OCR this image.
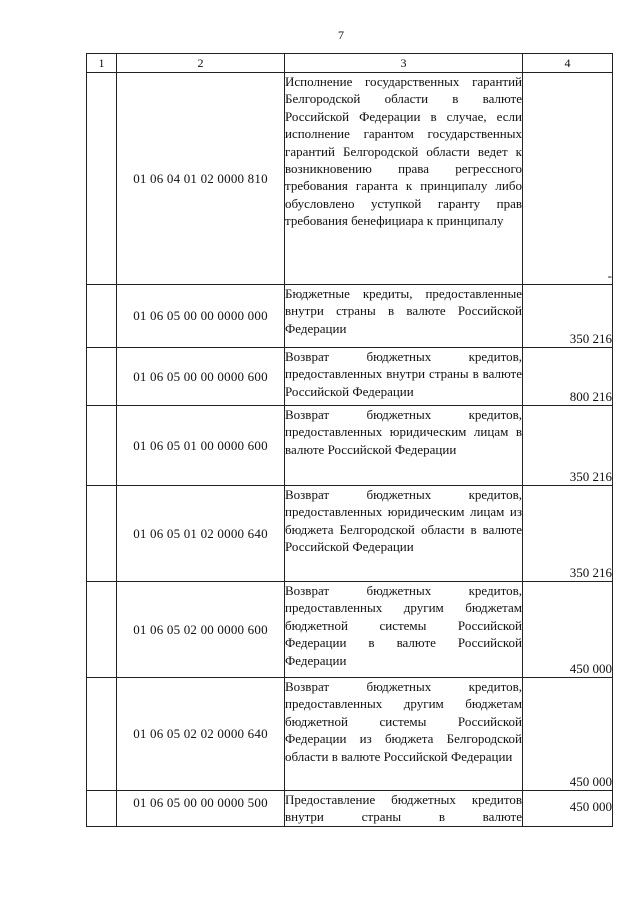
7
1	2	3	4
	01 06 04 01 02 0000 810	Исполнение государственных гарантий Белгородской области в валюте Российской Федерации в случае, если исполнение гарантом государственных гарантий Белгородской области ведет к возникновению права регрессного требования гаранта к принципалу либо обусловлено уступкой гаранту прав требования бенефициара к принципалу	-
	01 06 05 00 00 0000 000	Бюджетные кредиты, предоставленные внутри страны в валюте Российской Федерации	350 216
	01 06 05 00 00 0000 600	Возврат бюджетных кредитов, предоставленных внутри страны в валюте Российской Федерации	800 216
	01 06 05 01 00 0000 600	Возврат бюджетных кредитов, предоставленных юридическим лицам в валюте Российской Федерации	350 216
	01 06 05 01 02 0000 640	Возврат бюджетных кредитов, предоставленных юридическим лицам из бюджета Белгородской области в валюте Российской Федерации	350 216
	01 06 05 02 00 0000 600	Возврат бюджетных кредитов, предоставленных другим бюджетам бюджетной системы Российской Федерации в валюте Российской Федерации	450 000
	01 06 05 02 02 0000 640	Возврат бюджетных кредитов, предоставленных другим бюджетам бюджетной системы Российской Федерации из бюджета Белгородской области в валюте Российской Федерации	450 000
	01 06 05 00 00 0000 500	Предоставление бюджетных кредитов внутри страны в валюте	450 000
